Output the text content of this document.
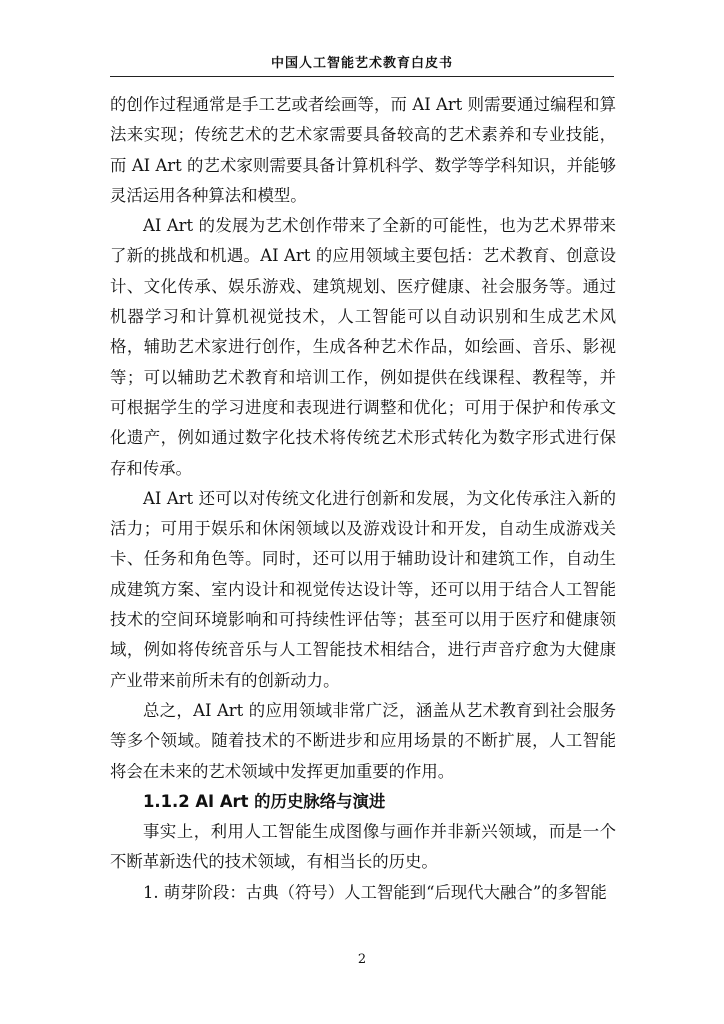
中国人工智能艺术教育白皮书

的创作过程通常是手工艺或者绘画等，而 AI Art 则需要通过编程和算法来实现；传统艺术的艺术家需要具备较高的艺术素养和专业技能，而 AI Art 的艺术家则需要具备计算机科学、数学等学科知识，并能够灵活运用各种算法和模型。

AI Art 的发展为艺术创作带来了全新的可能性，也为艺术界带来了新的挑战和机遇。AI Art 的应用领域主要包括：艺术教育、创意设计、文化传承、娱乐游戏、建筑规划、医疗健康、社会服务等。通过机器学习和计算机视觉技术，人工智能可以自动识别和生成艺术风格，辅助艺术家进行创作，生成各种艺术作品，如绘画、音乐、影视等；可以辅助艺术教育和培训工作，例如提供在线课程、教程等，并可根据学生的学习进度和表现进行调整和优化；可用于保护和传承文化遗产，例如通过数字化技术将传统艺术形式转化为数字形式进行保存和传承。

AI Art 还可以对传统文化进行创新和发展，为文化传承注入新的活力；可用于娱乐和休闲领域以及游戏设计和开发，自动生成游戏关卡、任务和角色等。同时，还可以用于辅助设计和建筑工作，自动生成建筑方案、室内设计和视觉传达设计等，还可以用于结合人工智能技术的空间环境影响和可持续性评估等；甚至可以用于医疗和健康领域，例如将传统音乐与人工智能技术相结合，进行声音疗愈为大健康产业带来前所未有的创新动力。

总之，AI Art 的应用领域非常广泛，涵盖从艺术教育到社会服务等多个领域。随着技术的不断进步和应用场景的不断扩展，人工智能将会在未来的艺术领域中发挥更加重要的作用。

1.1.2 AI Art 的历史脉络与演进

事实上，利用人工智能生成图像与画作并非新兴领域，而是一个不断革新迭代的技术领域，有相当长的历史。

1. 萌芽阶段：古典（符号）人工智能到“后现代大融合”的多智能

2
